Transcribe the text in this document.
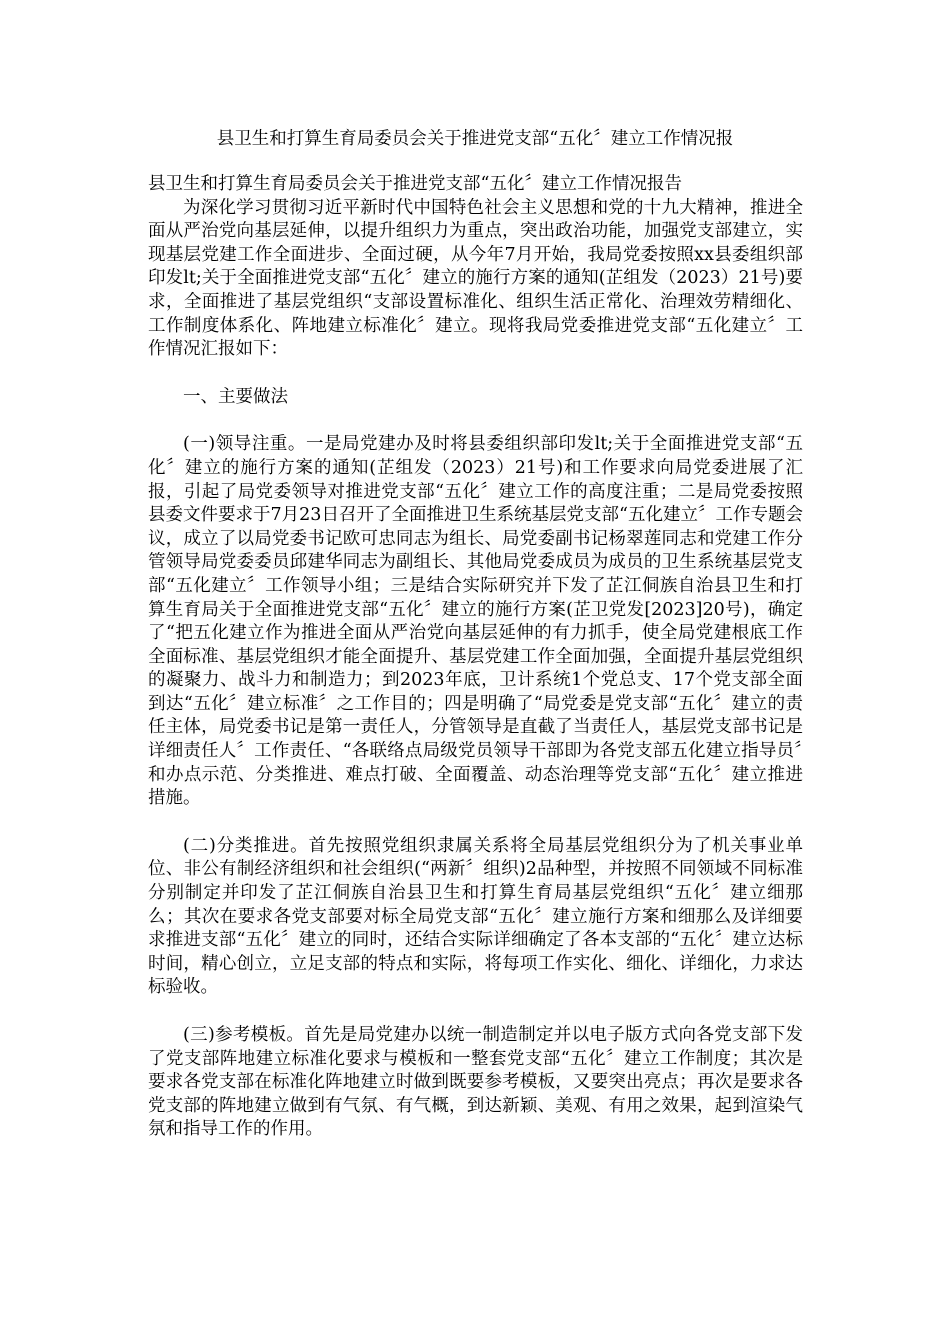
县卫生和打算生育局委员会关于推进党支部“五化〞建立工作情况报

县卫生和打算生育局委员会关于推进党支部“五化〞建立工作情况报告

为深化学习贯彻习近平新时代中国特色社会主义思想和党的十九大精神，推进全面从严治党向基层延伸，以提升组织力为重点，突出政治功能，加强党支部建立，实现基层党建工作全面进步、全面过硬，从今年7月开始，我局党委按照xx县委组织部印发lt;关于全面推进党支部“五化〞建立的施行方案的通知(芷组发（2023）21号)要求，全面推进了基层党组织“支部设置标准化、组织生活正常化、治理效劳精细化、工作制度体系化、阵地建立标准化〞建立。现将我局党委推进党支部“五化建立〞工作情况汇报如下：

一、主要做法

(一)领导注重。一是局党建办及时将县委组织部印发lt;关于全面推进党支部“五化〞建立的施行方案的通知(芷组发（2023）21号)和工作要求向局党委进展了汇报，引起了局党委领导对推进党支部“五化〞建立工作的高度注重；二是局党委按照县委文件要求于7月23日召开了全面推进卫生系统基层党支部“五化建立〞工作专题会议，成立了以局党委书记欧可忠同志为组长、局党委副书记杨翠莲同志和党建工作分管领导局党委委员邱建华同志为副组长、其他局党委成员为成员的卫生系统基层党支部“五化建立〞工作领导小组；三是结合实际研究并下发了芷江侗族自治县卫生和打算生育局关于全面推进党支部“五化〞建立的施行方案(芷卫党发[2023]20号)，确定了“把五化建立作为推进全面从严治党向基层延伸的有力抓手，使全局党建根底工作全面标准、基层党组织才能全面提升、基层党建工作全面加强，全面提升基层党组织的凝聚力、战斗力和制造力；到2023年底，卫计系统1个党总支、17个党支部全面到达“五化〞建立标准〞之工作目的；四是明确了“局党委是党支部“五化〞建立的责任主体，局党委书记是第一责任人，分管领导是直截了当责任人，基层党支部书记是详细责任人〞工作责任、“各联络点局级党员领导干部即为各党支部五化建立指导员〞和办点示范、分类推进、难点打破、全面覆盖、动态治理等党支部“五化〞建立推进措施。

(二)分类推进。首先按照党组织隶属关系将全局基层党组织分为了机关事业单位、非公有制经济组织和社会组织(“两新〞组织)2品种型，并按照不同领域不同标准分别制定并印发了芷江侗族自治县卫生和打算生育局基层党组织“五化〞建立细那么；其次在要求各党支部要对标全局党支部“五化〞建立施行方案和细那么及详细要求推进支部“五化〞建立的同时，还结合实际详细确定了各本支部的“五化〞建立达标时间，精心创立，立足支部的特点和实际，将每项工作实化、细化、详细化，力求达标验收。

(三)参考模板。首先是局党建办以统一制造制定并以电子版方式向各党支部下发了党支部阵地建立标准化要求与模板和一整套党支部“五化〞建立工作制度；其次是要求各党支部在标准化阵地建立时做到既要参考模板，又要突出亮点；再次是要求各党支部的阵地建立做到有气氛、有气概，到达新颖、美观、有用之效果，起到渲染气氛和指导工作的作用。
